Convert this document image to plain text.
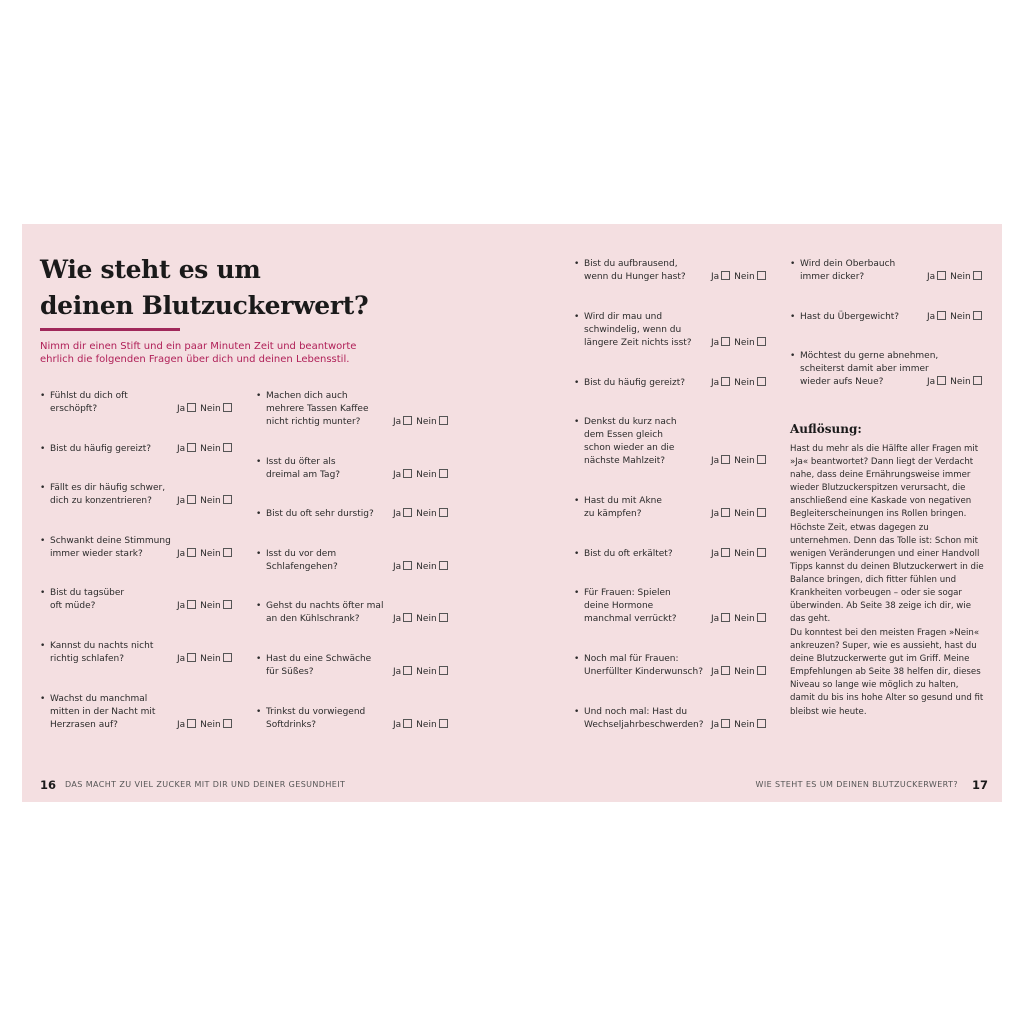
Wie steht es um
deinen Blutzuckerwert?

Nimm dir einen Stift und ein paar Minuten Zeit und beantworte ehrlich die folgenden Fragen über dich und deinen Lebensstil.

• Fühlst du dich oft
erschöpft?	Ja Nein
• Bist du häufig gereizt?	Ja Nein
• Fällt es dir häufig schwer,
dich zu konzentrieren?	Ja Nein
• Schwankt deine Stimmung
immer wieder stark?	Ja Nein
• Bist du tagsüber
oft müde?	Ja Nein
• Kannst du nachts nicht
richtig schlafen?	Ja Nein
• Wachst du manchmal
mitten in der Nacht mit
Herzrasen auf?	Ja Nein
• Machen dich auch
mehrere Tassen Kaffee
nicht richtig munter?	Ja Nein
• Isst du öfter als
dreimal am Tag?	Ja Nein
• Bist du oft sehr durstig? Ja Nein
• Isst du vor dem
Schlafengehen?	Ja Nein
• Gehst du nachts öfter mal
an den Kühlschrank?	Ja Nein
• Hast du eine Schwäche
für Süßes?	Ja Nein
• Trinkst du vorwiegend
Softdrinks?	Ja Nein
• Bist du aufbrausend,
wenn du Hunger hast?	Ja Nein
• Wird dir mau und
schwindelig, wenn du
längere Zeit nichts isst? Ja Nein
• Bist du häufig gereizt?	Ja Nein
• Denkst du kurz nach
dem Essen gleich
schon wieder an die
nächste Mahlzeit?	Ja Nein
• Hast du mit Akne
zu kämpfen?	Ja Nein
• Bist du oft erkältet?	Ja Nein
• Für Frauen: Spielen
deine Hormone
manchmal verrückt?	Ja Nein
• Noch mal für Frauen:
Unerfüllter Kinderwunsch? Ja Nein
• Und noch mal: Hast du
Wechseljahrbeschwerden? Ja Nein
• Wird dein Oberbauch
immer dicker?	Ja Nein
• Hast du Übergewicht?	Ja Nein
• Möchtest du gerne abnehmen,
scheiterst damit aber immer
wieder aufs Neue?	Ja Nein
Auflösung:

Hast du mehr als die Hälfte aller Fragen mit »Ja« beantwortet? Dann liegt der Verdacht nahe, dass deine Ernährungsweise immer wieder Blutzuckerspitzen verursacht, die anschließend eine Kaskade von negativen Begleiterscheinungen ins Rollen bringen. Höchste Zeit, etwas dagegen zu unternehmen. Denn das Tolle ist: Schon mit wenigen Veränderungen und einer Handvoll Tipps kannst du deinen Blutzuckerwert in die Balance bringen, dich fitter fühlen und Krankheiten vorbeugen – oder sie sogar überwinden. Ab Seite 38 zeige ich dir, wie das geht.

Du konntest bei den meisten Fragen »Nein« ankreuzen? Super, wie es aussieht, hast du deine Blutzuckerwerte gut im Griff. Meine Empfehlungen ab Seite 38 helfen dir, dieses Niveau so lange wie möglich zu halten, damit du bis ins hohe Alter so gesund und fit bleibst wie heute.

16 DAS MACHT ZU VIEL ZUCKER MIT DIR UND DEINER GESUNDHEIT	WIE STEHT ES UM DEINEN BLUTZUCKERWERT? 17
